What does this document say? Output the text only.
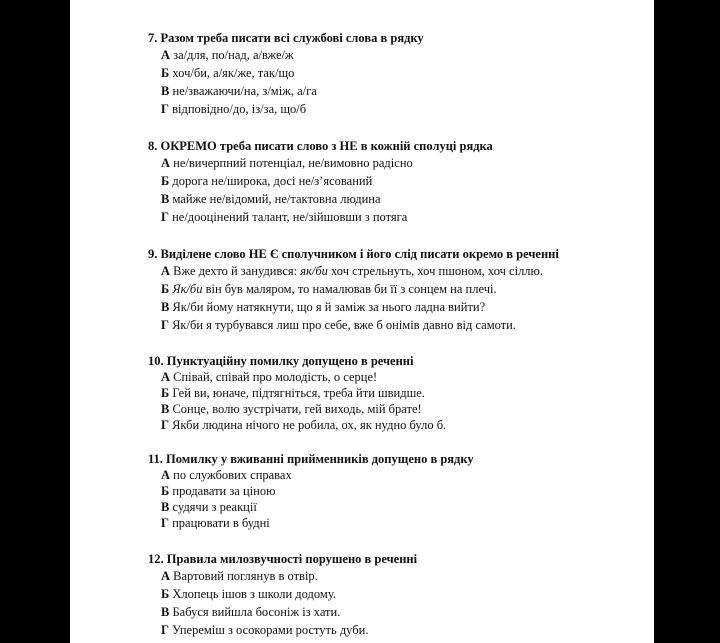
7. Разом треба писати всі службові слова в рядку
А за/для, по/над, а/вже/ж
Б хоч/би, а/як/же, так/що
В не/зважаючи/на, з/між, а/га
Г відповідно/до, із/за, що/б
8. ОКРЕМО треба писати слово з НЕ в кожній сполуці рядка
А не/вичерпний потенціал, не/вимовно радісно
Б дорога не/широка, досі не/з’ясований
В майже не/відомий, не/тактовна людина
Г не/дооцінений талант, не/зійшовши з потяга
9. Виділене слово НЕ Є сполучником і його слід писати окремо в реченні
А Вже дехто й занудився: як/би хоч стрельнуть, хоч пшоном, хоч сіллю.
Б Як/би він був маляром, то намалював би її з сонцем на плечі.
В Як/би йому натякнути, що я й заміж за нього ладна вийти?
Г Як/би я турбувався лиш про себе, вже б онімів давно від самоти.
10. Пунктуаційну помилку допущено в реченні
А Співай, співай про молодість, о серце!
Б Гей ви, юначе, підтягніться, треба йти швидше.
В Сонце, волю зустрічати, гей виходь, мій брате!
Г Якби людина нічого не робила, ох, як нудно було б.
11. Помилку у вживанні прийменників допущено в рядку
А по службових справах
Б продавати за ціною
В судячи з реакції
Г працювати в будні
12. Правила милозвучності порушено в реченні
А Вартовий поглянув в отвір.
Б Хлопець ішов з школи додому.
В Бабуся вийшла босоніж із хати.
Г Упереміш з осокорами ростуть дуби.
